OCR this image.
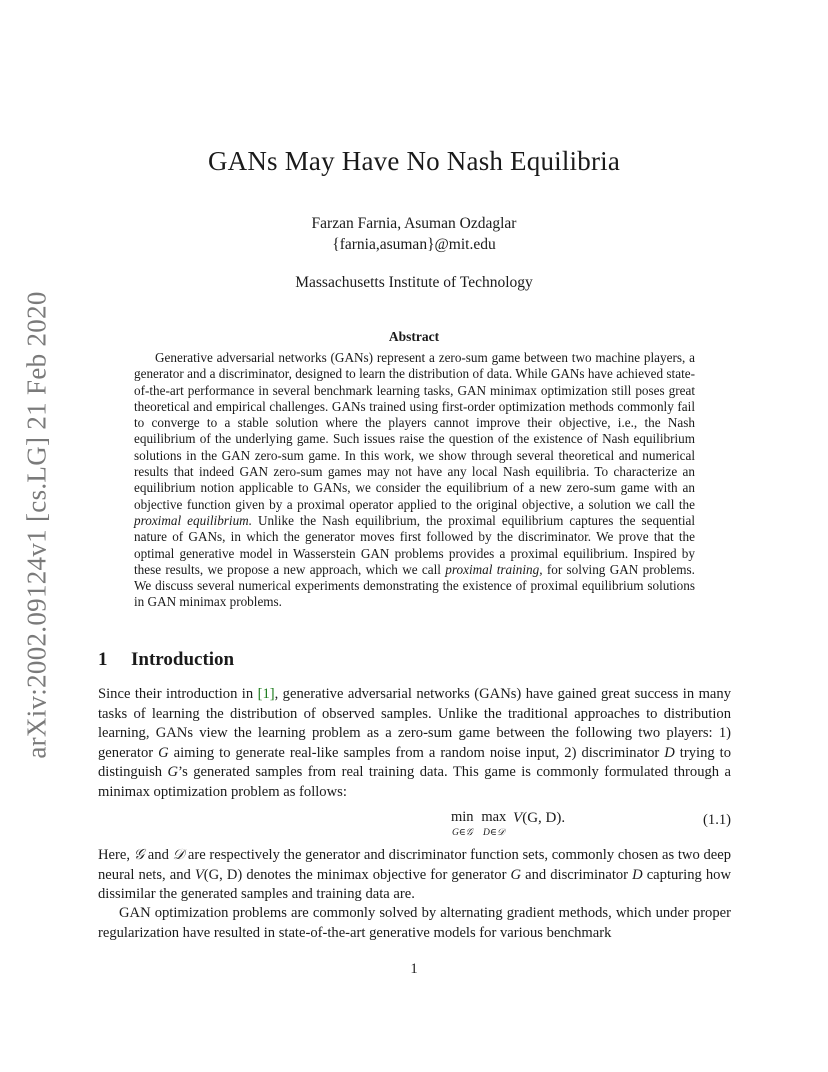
arXiv:2002.09124v1 [cs.LG] 21 Feb 2020
GANs May Have No Nash Equilibria
Farzan Farnia, Asuman Ozdaglar
{farnia,asuman}@mit.edu
Massachusetts Institute of Technology
Abstract

Generative adversarial networks (GANs) represent a zero-sum game between two machine players, a generator and a discriminator, designed to learn the distribution of data. While GANs have achieved state-of-the-art performance in several benchmark learning tasks, GAN minimax optimization still poses great theoretical and empirical challenges. GANs trained using first-order optimization methods commonly fail to converge to a stable solution where the players cannot improve their objective, i.e., the Nash equilibrium of the underlying game. Such issues raise the question of the existence of Nash equilibrium solutions in the GAN zero-sum game. In this work, we show through several theoretical and numerical results that indeed GAN zero-sum games may not have any local Nash equilibria. To characterize an equilibrium notion applicable to GANs, we consider the equilibrium of a new zero-sum game with an objective function given by a proximal operator applied to the original objective, a solution we call the proximal equilibrium. Unlike the Nash equilibrium, the proximal equilibrium captures the sequential nature of GANs, in which the generator moves first followed by the discriminator. We prove that the optimal generative model in Wasserstein GAN problems provides a proximal equilibrium. Inspired by these results, we propose a new approach, which we call proximal training, for solving GAN problems. We discuss several numerical experiments demonstrating the existence of proximal equilibrium solutions in GAN minimax problems.

1 Introduction

Since their introduction in [1], generative adversarial networks (GANs) have gained great success in many tasks of learning the distribution of observed samples. Unlike the traditional approaches to distribution learning, GANs view the learning problem as a zero-sum game between the following two players: 1) generator G aiming to generate real-like samples from a random noise input, 2) discriminator D trying to distinguish G’s generated samples from real training data. This game is commonly formulated through a minimax optimization problem as follows:

min
G∈𝒢

max
D∈𝒟
V(G, D).	(1.1)

Here, 𝒢 and 𝒟 are respectively the generator and discriminator function sets, commonly chosen as two deep neural nets, and V(G, D) denotes the minimax objective for generator G and discriminator D capturing how dissimilar the generated samples and training data are.

GAN optimization problems are commonly solved by alternating gradient methods, which under proper regularization have resulted in state-of-the-art generative models for various benchmark

1
